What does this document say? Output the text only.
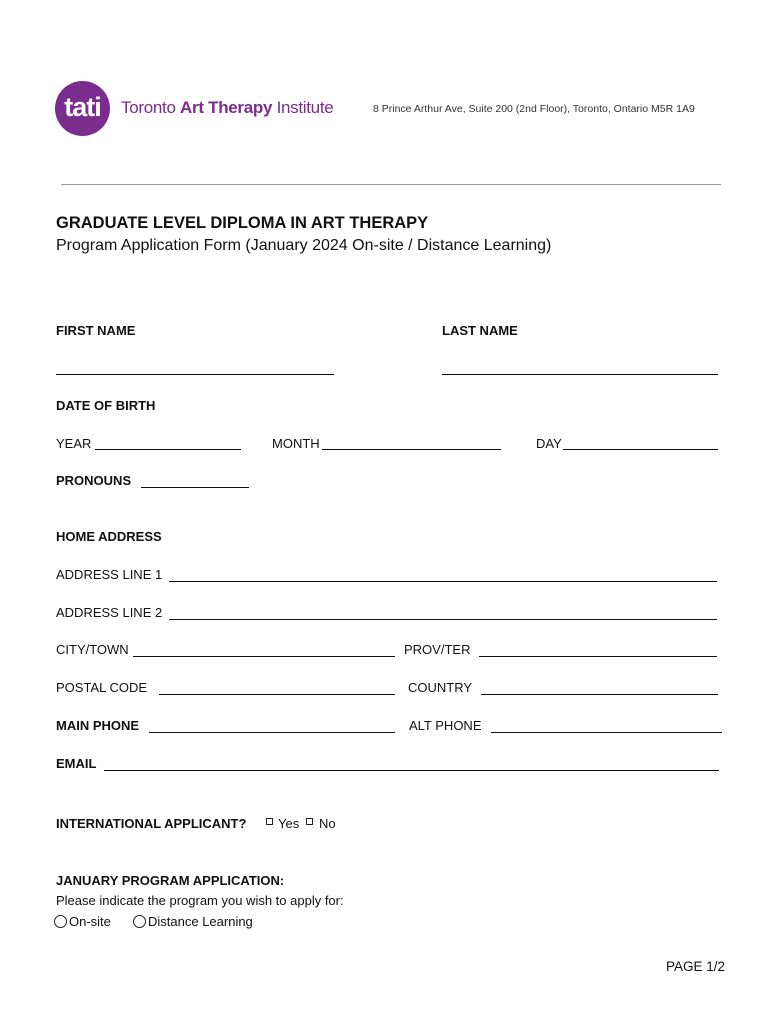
tati Toronto Art Therapy Institute	8 Prince Arthur Ave, Suite 200 (2nd Floor), Toronto, Ontario M5R 1A9
GRADUATE LEVEL DIPLOMA IN ART THERAPY
Program Application Form (January 2024 On-site / Distance Learning)
FIRST NAME	LAST NAME
DATE OF BIRTH
YEAR	MONTH	DAY
PRONOUNS
HOME ADDRESS
ADDRESS LINE 1
ADDRESS LINE 2
CITY/TOWN	PROV/TER
POSTAL CODE	COUNTRY
MAIN PHONE	ALT PHONE
EMAIL
INTERNATIONAL APPLICANT? Yes No
JANUARY PROGRAM APPLICATION:
Please indicate the program you wish to apply for:
On-site	Distance Learning
PAGE 1/2
